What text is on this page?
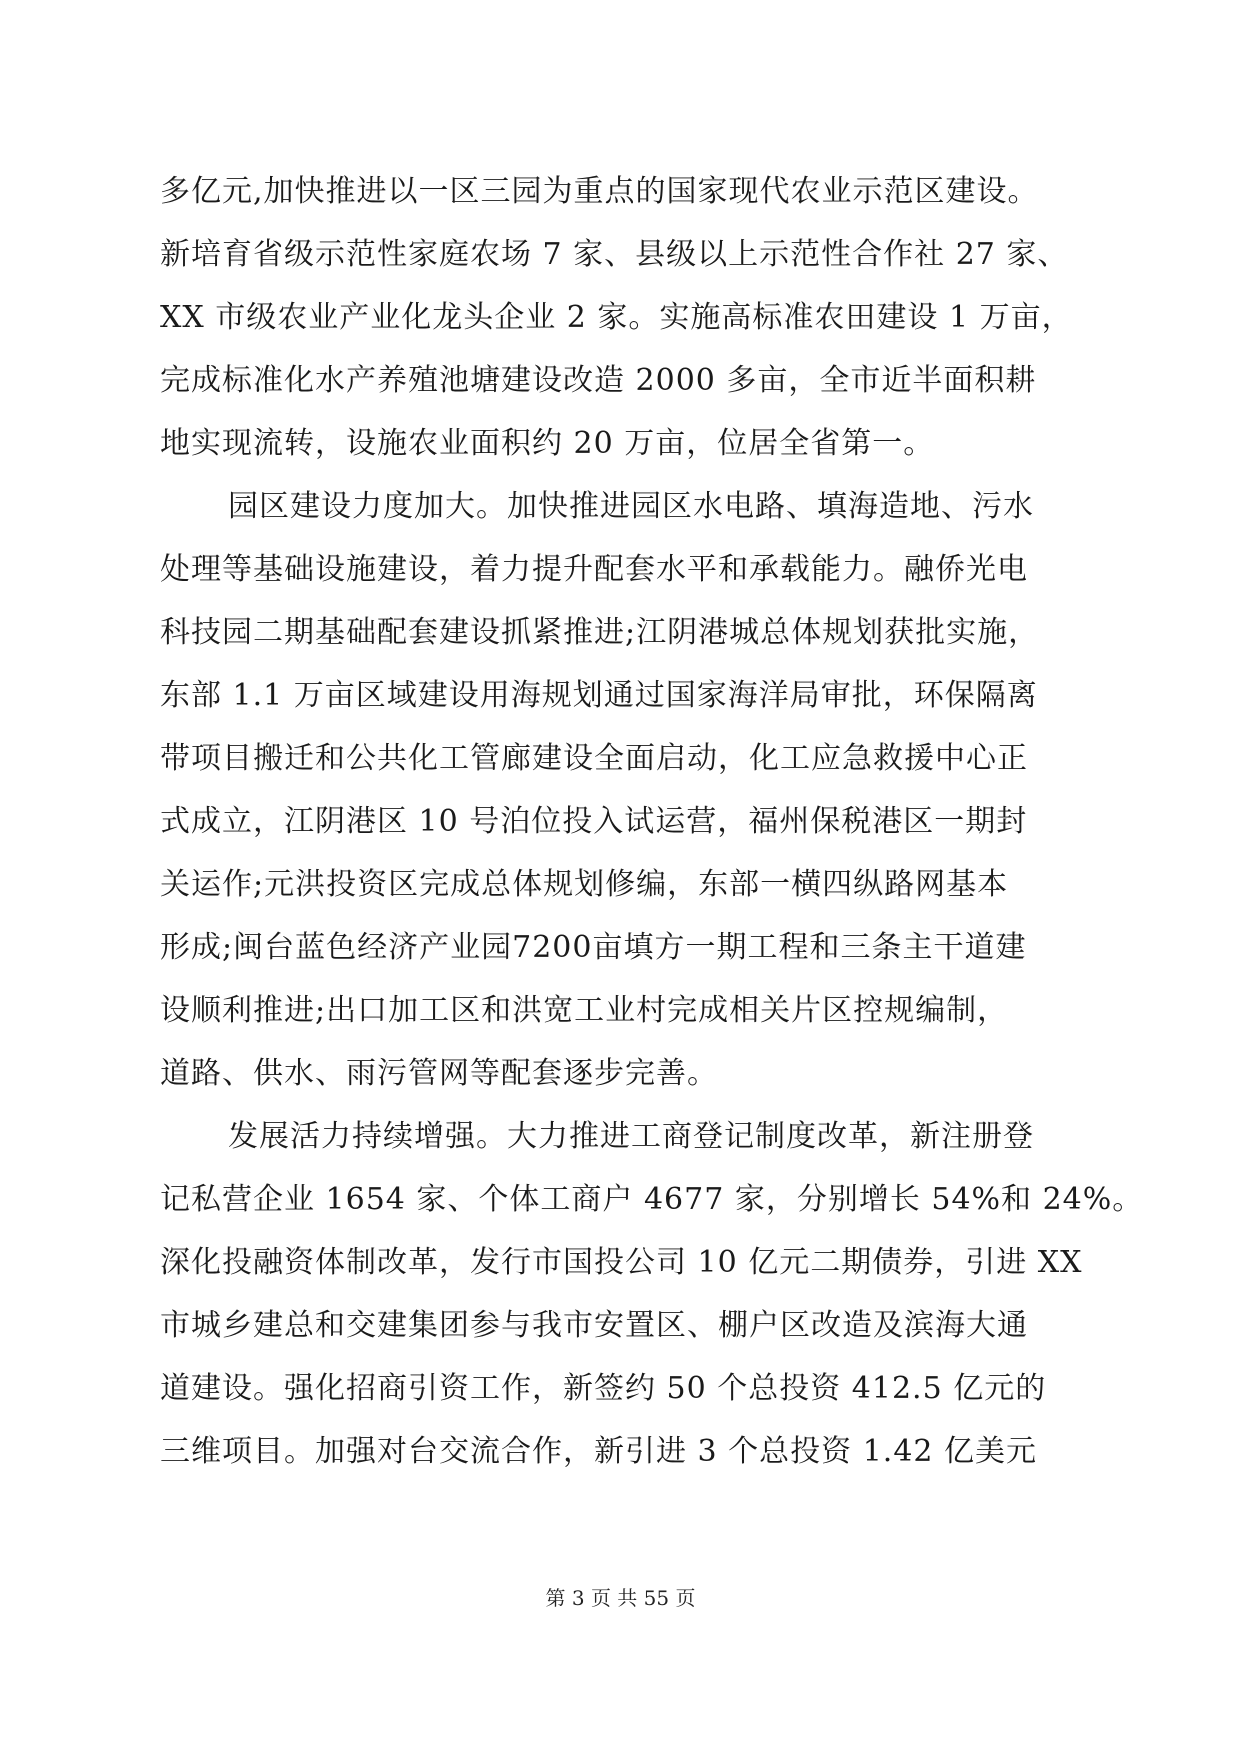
多亿元,加快推进以一区三园为重点的国家现代农业示范区建设。
新培育省级示范性家庭农场 7 家、县级以上示范性合作社 27 家、
XX 市级农业产业化龙头企业 2 家。实施高标准农田建设 1 万亩，
完成标准化水产养殖池塘建设改造 2000 多亩，全市近半面积耕
地实现流转，设施农业面积约 20 万亩，位居全省第一。
园区建设力度加大。加快推进园区水电路、填海造地、污水
处理等基础设施建设，着力提升配套水平和承载能力。融侨光电
科技园二期基础配套建设抓紧推进;江阴港城总体规划获批实施，
东部 1.1 万亩区域建设用海规划通过国家海洋局审批，环保隔离
带项目搬迁和公共化工管廊建设全面启动，化工应急救援中心正
式成立，江阴港区 10 号泊位投入试运营，福州保税港区一期封
关运作;元洪投资区完成总体规划修编，东部一横四纵路网基本
形成;闽台蓝色经济产业园7200亩填方一期工程和三条主干道建
设顺利推进;出口加工区和洪宽工业村完成相关片区控规编制，
道路、供水、雨污管网等配套逐步完善。
发展活力持续增强。大力推进工商登记制度改革，新注册登
记私营企业 1654 家、个体工商户 4677 家，分别增长 54%和 24%。
深化投融资体制改革，发行市国投公司 10 亿元二期债券，引进 XX
市城乡建总和交建集团参与我市安置区、棚户区改造及滨海大通
道建设。强化招商引资工作，新签约 50 个总投资 412.5 亿元的
三维项目。加强对台交流合作，新引进 3 个总投资 1.42 亿美元
第 3 页 共 55 页
